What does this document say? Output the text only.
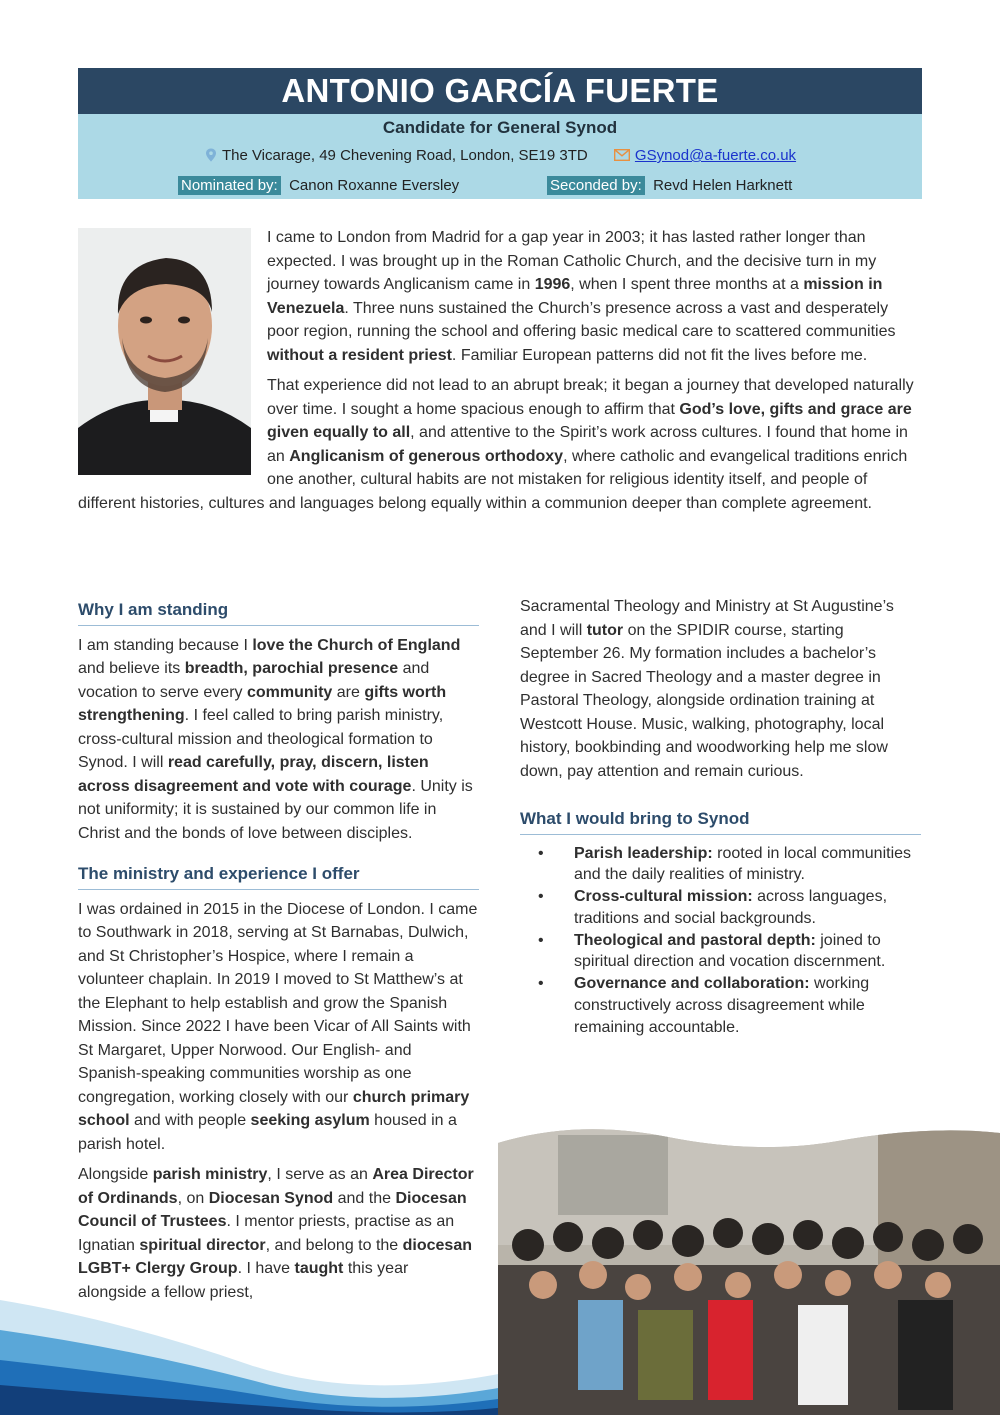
ANTONIO GARCÍA FUERTE
Candidate for General Synod
The Vicarage, 49 Chevening Road, London, SE19 3TD	GSynod@a-fuerte.co.uk
Nominated by: Canon Roxanne Eversley	Seconded by: Revd Helen Harknett

I came to London from Madrid for a gap year in 2003; it has lasted rather longer than expected. I was brought up in the Roman Catholic Church, and the decisive turn in my journey towards Anglicanism came in 1996, when I spent three months at a mission in Venezuela. Three nuns sustained the Church’s presence across a vast and desperately poor region, running the school and offering basic medical care to scattered communities without a resident priest. Familiar European patterns did not fit the lives before me.

That experience did not lead to an abrupt break; it began a journey that developed naturally over time. I sought a home spacious enough to affirm that God’s love, gifts and grace are given equally to all, and attentive to the Spirit’s work across cultures. I found that home in an Anglicanism of generous orthodoxy, where catholic and evangelical traditions enrich one another, cultural habits are not mistaken for religious identity itself, and people of different histories, cultures and languages belong equally within a communion deeper than complete agreement.

Why I am standing

I am standing because I love the Church of England and believe its breadth, parochial presence and vocation to serve every community are gifts worth strengthening. I feel called to bring parish ministry, cross-cultural mission and theological formation to Synod. I will read carefully, pray, discern, listen across disagreement and vote with courage. Unity is not uniformity; it is sustained by our common life in Christ and the bonds of love between disciples.

The ministry and experience I offer

I was ordained in 2015 in the Diocese of London. I came to Southwark in 2018, serving at St Barnabas, Dulwich, and St Christopher’s Hospice, where I remain a volunteer chaplain. In 2019 I moved to St Matthew’s at the Elephant to help establish and grow the Spanish Mission. Since 2022 I have been Vicar of All Saints with St Margaret, Upper Norwood. Our English- and Spanish-speaking communities worship as one congregation, working closely with our church primary school and with people seeking asylum housed in a parish hotel.

Alongside parish ministry, I serve as an Area Director of Ordinands, on Diocesan Synod and the Diocesan Council of Trustees. I mentor priests, practise as an Ignatian spiritual director, and belong to the diocesan LGBT+ Clergy Group. I have taught this year alongside a fellow priest,

Sacramental Theology and Ministry at St Augustine’s and I will tutor on the SPIDIR course, starting September 26. My formation includes a bachelor’s degree in Sacred Theology and a master degree in Pastoral Theology, alongside ordination training at Westcott House. Music, walking, photography, local history, bookbinding and woodworking help me slow down, pay attention and remain curious.

What I would bring to Synod
• Parish leadership: rooted in local communities and the daily realities of ministry.
• Cross-cultural mission: across languages, traditions and social backgrounds.
• Theological and pastoral depth: joined to spiritual direction and vocation discernment.
• Governance and collaboration: working constructively across disagreement while remaining accountable.
